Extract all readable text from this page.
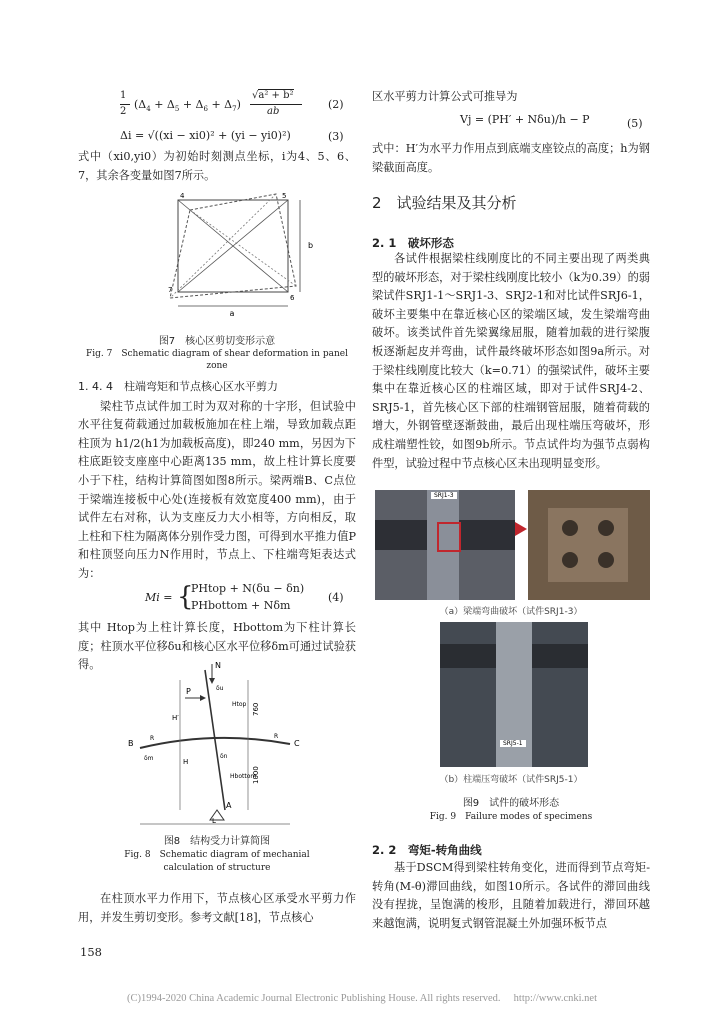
1
2
$(\Delta_4 + \Delta_5 + \Delta_6 + \Delta_7)$
√a² + b²
ab
(2)
Δi = √((xi − xi0)² + (yi − yi0)²)	(3)

式中（xi0,yi0）为初始时刻测点坐标，i为4、5、6、7，其余各变量如图7所示。

a
b
4	5
6
7
图7　核心区剪切变形示意
Fig. 7　Schematic diagram of shear deformation in panel zone
1. 4. 4　柱端弯矩和节点核心区水平剪力

梁柱节点试件加工时为双对称的十字形，但试验中水平往复荷载通过加载板施加在柱上端，导致加载点距柱顶为 h1/2(h1为加载板高度)，即240 mm，另因为下柱底距铰支座座中心距离135 mm，故上柱计算长度要小于下柱，结构计算简图如图8所示。梁两端B、C点位于梁端连接板中心处(连接板有效宽度400 mm)，由于试件左右对称，认为支座反力大小相等，方向相反，取上柱和下柱为隔离体分别作受力图，可得到水平推力值P和柱顶竖向压力N作用时，节点上、下柱端弯矩表达式为：

Mi = {
PHtop + N(δu − δn)
PHbottom + Nδm
(4)

其中 Htop为上柱计算长度，Hbottom为下柱计算长度；柱顶水平位移δu和核心区水平位移δm可通过试验获得。	N
P
B	C
A
H′
H
Htop
Hbottom
δu
δm	δn
R	R
L
760
1000
图8　结构受力计算简图
Fig. 8　Schematic diagram of mechanial
calculation of structure

在柱顶水平力作用下，节点核心区承受水平剪力作用，并发生剪切变形。参考文献[18]，节点核心

158

区水平剪力计算公式可推导为

Vj = (PH′ + Nδu)/h − P	(5)

式中：H′为水平力作用点到底端支座铰点的高度；h为钢梁截面高度。

2　试验结果及其分析
2. 1　破坏形态

各试件根据梁柱线刚度比的不同主要出现了两类典型的破坏形态，对于梁柱线刚度比较小（k为0.39）的弱梁试件SRJ1-1～SRJ1-3、SRJ2-1和对比试件SRJ6-1，破坏主要集中在靠近核心区的梁端区域，发生梁端弯曲破坏。该类试件首先梁翼缘屈服，随着加载的进行梁腹板逐渐起皮并弯曲，试件最终破坏形态如图9a所示。对于梁柱线刚度比较大（k=0.71）的强梁试件，破坏主要集中在靠近核心区的柱端区域，即对于试件SRJ4-2、SRJ5-1，首先核心区下部的柱端钢管屈服，随着荷载的增大，外钢管壁逐渐鼓曲，最后出现柱端压弯破坏，形成柱端塑性铰，如图9b所示。节点试件均为强节点弱构件型，试验过程中节点核心区未出现明显变形。

SRJ1-3
（a）梁端弯曲破坏（试件SRJ1-3）
SRJ5-1
（b）柱端压弯破坏（试件SRJ5-1）
图9　试件的破坏形态
Fig. 9　Failure modes of specimens
2. 2　弯矩-转角曲线

基于DSCM得到梁柱转角变化，进而得到节点弯矩-转角(M-θ)滞回曲线，如图10所示。各试件的滞回曲线没有捏拢，呈饱满的梭形，且随着加载进行，滞回环越来越饱满，说明复式钢管混凝土外加强环板节点

(C)1994-2020 China Academic Journal Electronic Publishing House. All rights reserved.　 http://www.cnki.net
